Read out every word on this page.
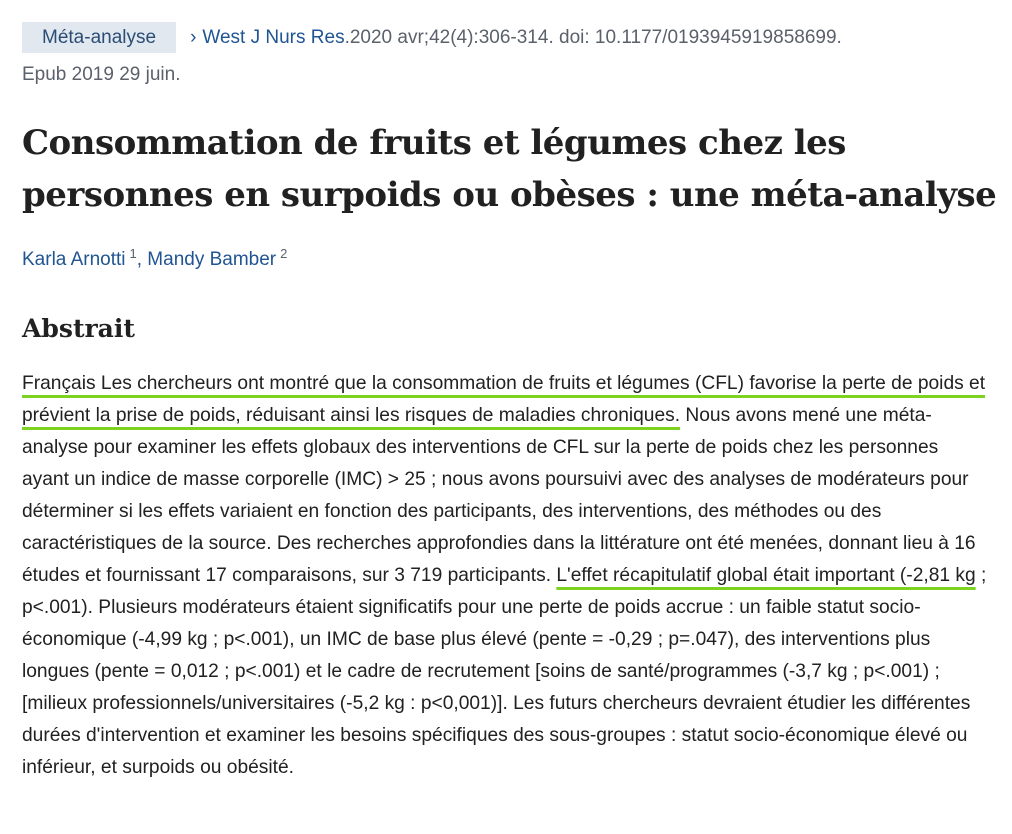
Méta-analyse › West J Nurs Res.2020 avr;42(4):306-314. doi: 10.1177/0193945919858699.
Epub 2019 29 juin.
Consommation de fruits et légumes chez les personnes en surpoids ou obèses : une méta-analyse
Karla Arnotti $^1$, Mandy Bamber $^2$
Abstrait

Français Les chercheurs ont montré que la consommation de fruits et légumes (CFL) favorise la perte de poids et prévient la prise de poids, réduisant ainsi les risques de maladies chroniques. Nous avons mené une méta-analyse pour examiner les effets globaux des interventions de CFL sur la perte de poids chez les personnes ayant un indice de masse corporelle (IMC) > 25 ; nous avons poursuivi avec des analyses de modérateurs pour déterminer si les effets variaient en fonction des participants, des interventions, des méthodes ou des caractéristiques de la source. Des recherches approfondies dans la littérature ont été menées, donnant lieu à 16 études et fournissant 17 comparaisons, sur 3 719 participants. L'effet récapitulatif global était important (-2,81 kg ; p<.001). Plusieurs modérateurs étaient significatifs pour une perte de poids accrue : un faible statut socio-économique (-4,99 kg ; p<.001), un IMC de base plus élevé (pente = -0,29 ; p=.047), des interventions plus longues (pente = 0,012 ; p<.001) et le cadre de recrutement [soins de santé/programmes (-3,7 kg ; p<.001) ; [milieux professionnels/universitaires (-5,2 kg : p<0,001)]. Les futurs chercheurs devraient étudier les différentes durées d'intervention et examiner les besoins spécifiques des sous-groupes : statut socio-économique élevé ou inférieur, et surpoids ou obésité.
